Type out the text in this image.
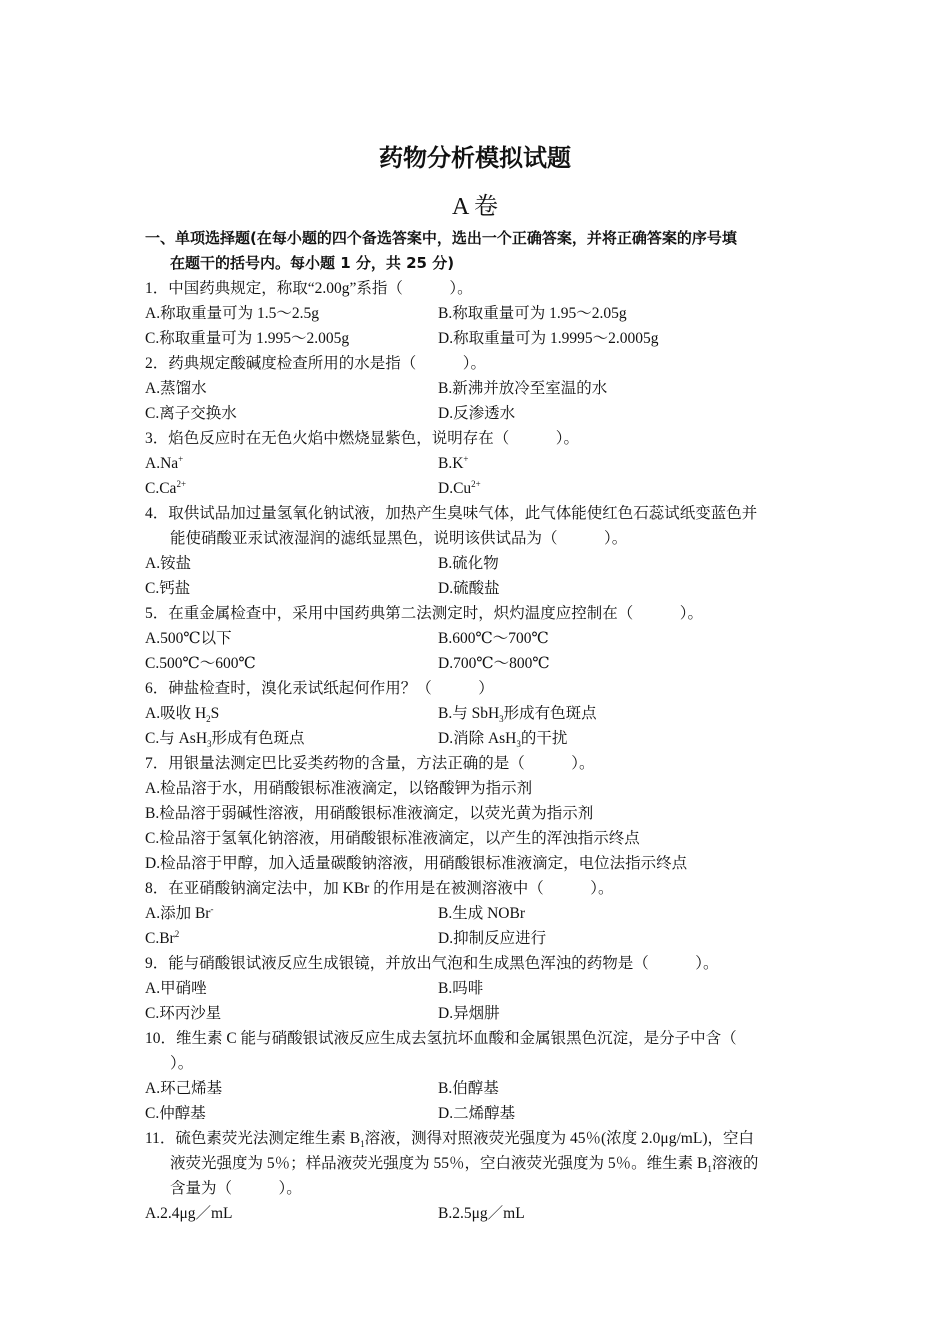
药物分析模拟试题
A 卷
一、单项选择题(在每小题的四个备选答案中，选出一个正确答案，并将正确答案的序号填
在题干的括号内。每小题 1 分，共 25 分)
1．中国药典规定，称取“2.00g”系指（　　　）。
A.称取重量可为 1.5～2.5g	B.称取重量可为 1.95～2.05g
C.称取重量可为 1.995～2.005g	D.称取重量可为 1.9995～2.0005g
2．药典规定酸碱度检查所用的水是指（　　　）。
A.蒸馏水	B.新沸并放冷至室温的水
C.离子交换水	D.反渗透水
3．焰色反应时在无色火焰中燃烧显紫色，说明存在（　　　）。
A.Na+	B.K+
$C.Ca^{2+}$	$D.Cu^{2+}$
4．取供试品加过量氢氧化钠试液，加热产生臭味气体，此气体能使红色石蕊试纸变蓝色并
能使硝酸亚汞试液湿润的滤纸显黑色，说明该供试品为（　　　）。
A.铵盐	B.硫化物
C.钙盐	D.硫酸盐
5．在重金属检查中，采用中国药典第二法测定时，炽灼温度应控制在（　　　）。
A.500℃以下	B.600℃～700℃
C.500℃～600℃	D.700℃～800℃
6．砷盐检查时，溴化汞试纸起何作用？（　　　）
A.吸收 $H_2S$	B.与 SbH$_3$形成有色斑点
C.与 AsH$_3$形成有色斑点	D.消除 AsH$_3$的干扰
7．用银量法测定巴比妥类药物的含量，方法正确的是（　　　）。
A.检品溶于水，用硝酸银标准液滴定，以铬酸钾为指示剂
B.检品溶于弱碱性溶液，用硝酸银标准液滴定，以荧光黄为指示剂
C.检品溶于氢氧化钠溶液，用硝酸银标准液滴定，以产生的浑浊指示终点
D.检品溶于甲醇，加入适量碳酸钠溶液，用硝酸银标准液滴定，电位法指示终点
8．在亚硝酸钠滴定法中，加 KBr 的作用是在被测溶液中（　　　）。
A.添加 Br-	B.生成 NOBr
C.Br$^2$	D.抑制反应进行
9．能与硝酸银试液反应生成银镜，并放出气泡和生成黑色浑浊的药物是（　　　）。
A.甲硝唑	B.吗啡
C.环丙沙星	D.异烟肼
10．维生素 C 能与硝酸银试液反应生成去氢抗坏血酸和金属银黑色沉淀，是分子中含（
）。
A.环己烯基	B.伯醇基
C.仲醇基	D.二烯醇基
11．硫色素荧光法测定维生素 $B_1$溶液，测得对照液荧光强度为 45％(浓度 2.0μg/mL)，空白
液荧光强度为 5％；样品液荧光强度为 55％，空白液荧光强度为 5％。维生素 $B_1$溶液的
含量为（　　　）。
A.2.4μg／mL	B.2.5μg／mL
